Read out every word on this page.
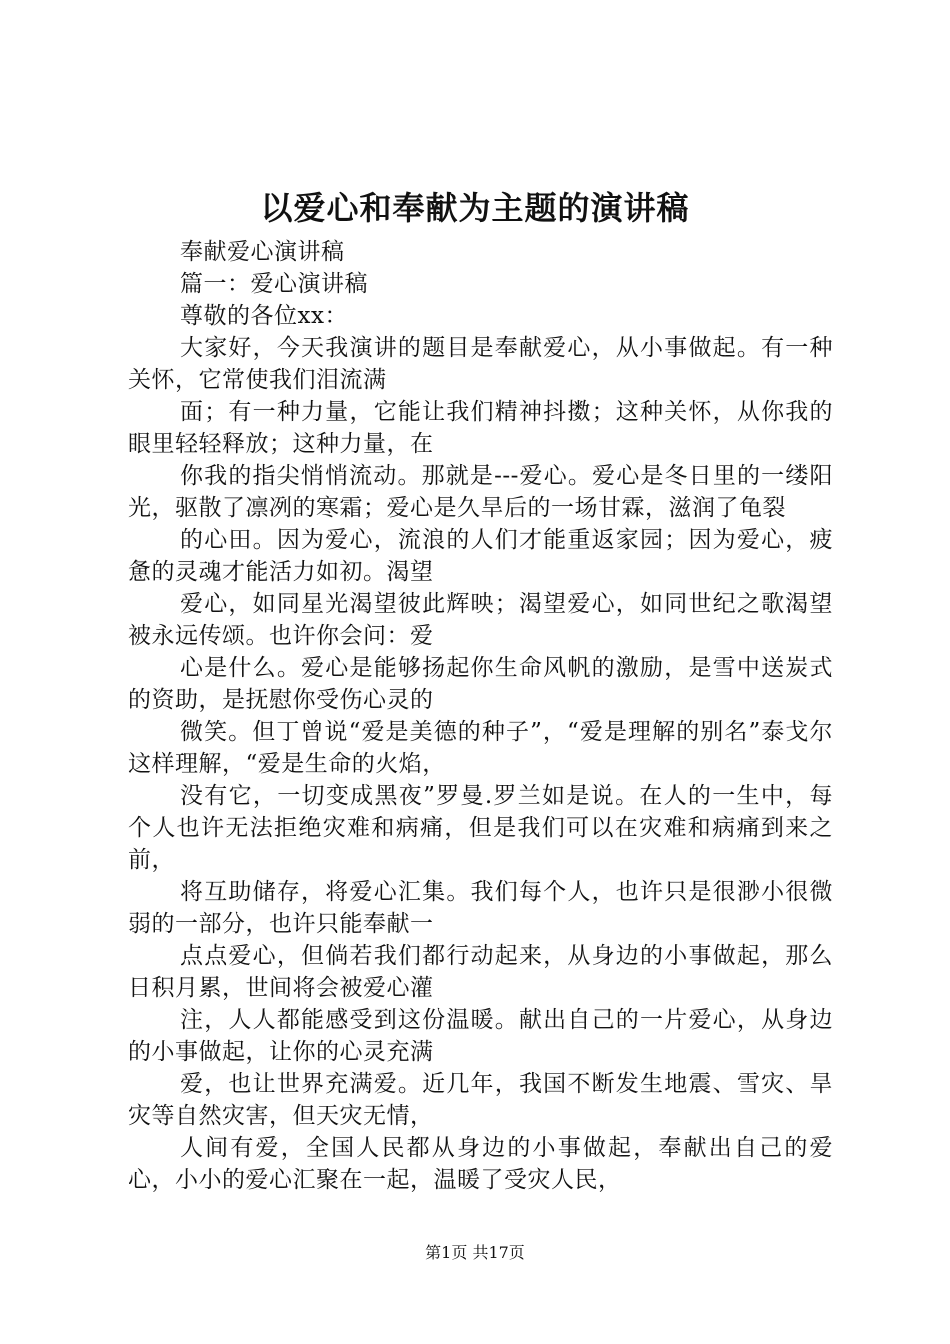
以爱心和奉献为主题的演讲稿

奉献爱心演讲稿

篇一：爱心演讲稿

尊敬的各位xx：

大家好，今天我演讲的题目是奉献爱心，从小事做起。有一种关怀，它常使我们泪流满

面；有一种力量，它能让我们精神抖擞；这种关怀，从你我的眼里轻轻释放；这种力量，在

你我的指尖悄悄流动。那就是---爱心。爱心是冬日里的一缕阳光，驱散了凛冽的寒霜；爱心是久旱后的一场甘霖，滋润了龟裂

的心田。因为爱心，流浪的人们才能重返家园；因为爱心，疲惫的灵魂才能活力如初。渴望

爱心，如同星光渴望彼此辉映；渴望爱心，如同世纪之歌渴望被永远传颂。也许你会问：爱

心是什么。爱心是能够扬起你生命风帆的激励，是雪中送炭式的资助，是抚慰你受伤心灵的

微笑。但丁曾说“爱是美德的种子”，“爱是理解的别名”泰戈尔这样理解，“爱是生命的火焰，

没有它，一切变成黑夜”罗曼.罗兰如是说。在人的一生中，每个人也许无法拒绝灾难和病痛，但是我们可以在灾难和病痛到来之前，

将互助储存，将爱心汇集。我们每个人，也许只是很渺小很微弱的一部分，也许只能奉献一

点点爱心，但倘若我们都行动起来，从身边的小事做起，那么日积月累，世间将会被爱心灌

注，人人都能感受到这份温暖。献出自己的一片爱心，从身边的小事做起，让你的心灵充满

爱，也让世界充满爱。近几年，我国不断发生地震、雪灾、旱灾等自然灾害，但天灾无情，

人间有爱，全国人民都从身边的小事做起，奉献出自己的爱心，小小的爱心汇聚在一起，温暖了受灾人民，

第1页 共17页
